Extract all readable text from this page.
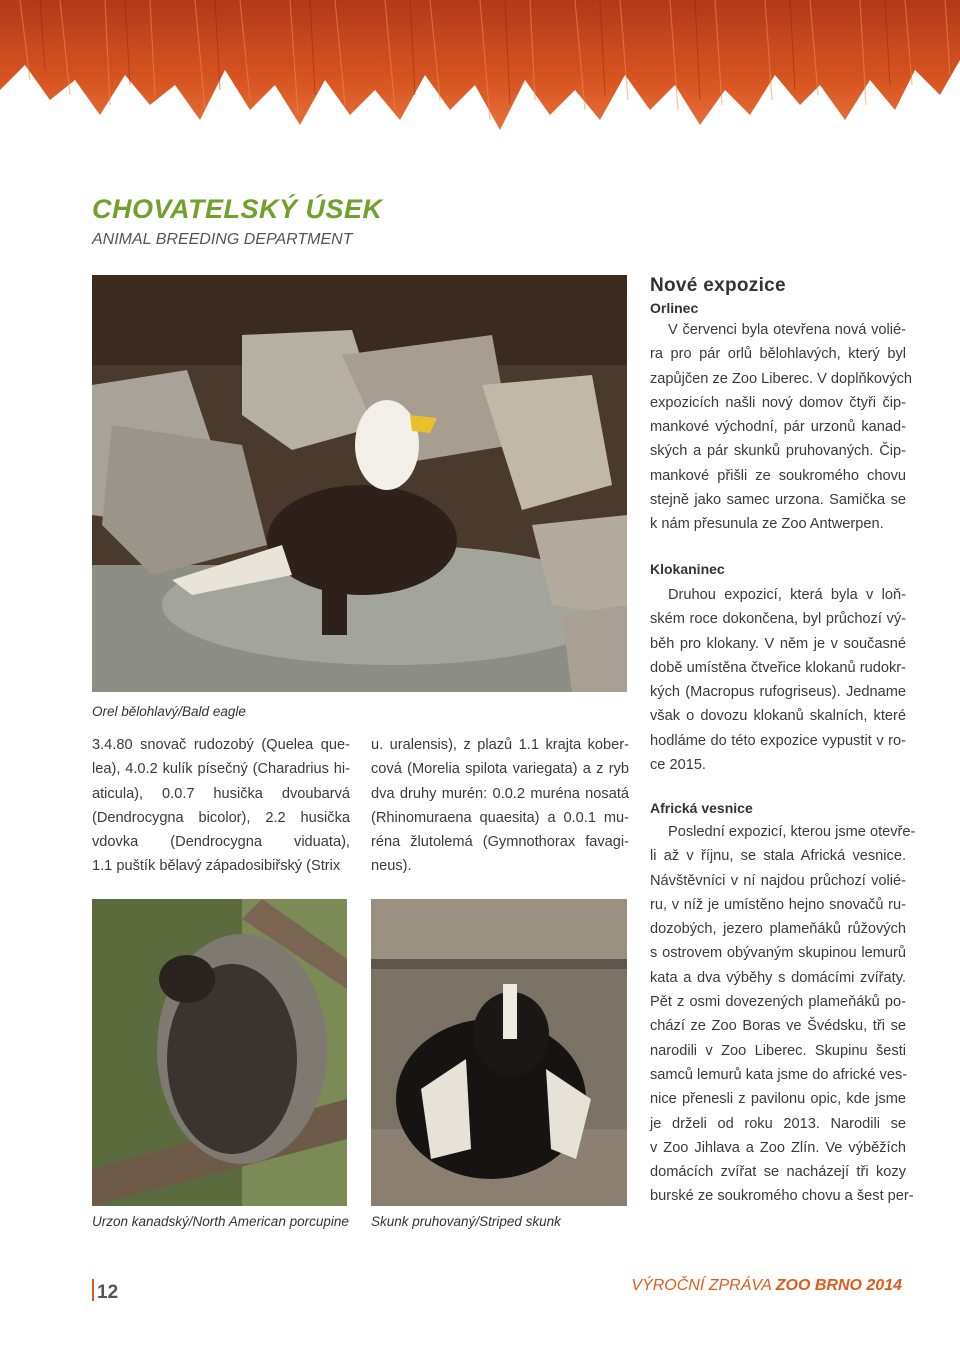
CHOVATELSKÝ ÚSEK
ANIMAL BREEDING DEPARTMENT
Orel bělohlavý/Bald eagle
3.4.80 snovač rudozobý (Quelea que-
lea), 4.0.2 kulík písečný (Charadrius hi-
aticula), 0.0.7 husička dvoubarvá
(Dendrocygna bicolor), 2.2 husička
vdovka (Dendrocygna viduata),
1.1 puštík bělavý západosibiřský (Strix
u. uralensis), z plazů 1.1 krajta kober-
cová (Morelia spilota variegata) a z ryb
dva druhy murén: 0.0.2 muréna nosatá
(Rhinomuraena quaesita) a 0.0.1 mu-
réna žlutolemá (Gymnothorax favagi-
neus).
Urzon kanadský/North American porcupine Skunk pruhovaný/Striped skunk
Nové expozice
Orlinec
V červenci byla otevřena nová volié-
ra pro pár orlů bělohlavých, který byl
zapůjčen ze Zoo Liberec. V doplňkových
expozicích našli nový domov čtyři čip-
mankové východní, pár urzonů kanad-
ských a pár skunků pruhovaných. Čip-
mankové přišli ze soukromého chovu
stejně jako samec urzona. Samička se
k nám přesunula ze Zoo Antwerpen.
Klokaninec
Druhou expozicí, která byla v loň-
ském roce dokončena, byl průchozí vý-
běh pro klokany. V něm je v současné
době umístěna čtveřice klokanů rudokr-
kých (Macropus rufogriseus). Jedname
však o dovozu klokanů skalních, které
hodláme do této expozice vypustit v ro-
ce 2015.
Africká vesnice
Poslední expozicí, kterou jsme otevře-
li až v říjnu, se stala Africká vesnice.
Návštěvníci v ní najdou průchozí volié-
ru, v níž je umístěno hejno snovačů ru-
dozobých, jezero plameňáků růžových
s ostrovem obývaným skupinou lemurů
kata a dva výběhy s domácími zvířaty.
Pět z osmi dovezených plameňáků po-
chází ze Zoo Boras ve Švédsku, tři se
narodili v Zoo Liberec. Skupinu šesti
samců lemurů kata jsme do africké ves-
nice přenesli z pavilonu opic, kde jsme
je drželi od roku 2013. Narodili se
v Zoo Jihlava a Zoo Zlín. Ve výběžích
domácích zvířat se nacházejí tři kozy
burské ze soukromého chovu a šest per-
12	VÝROČNÍ ZPRÁVA ZOO BRNO 2014
